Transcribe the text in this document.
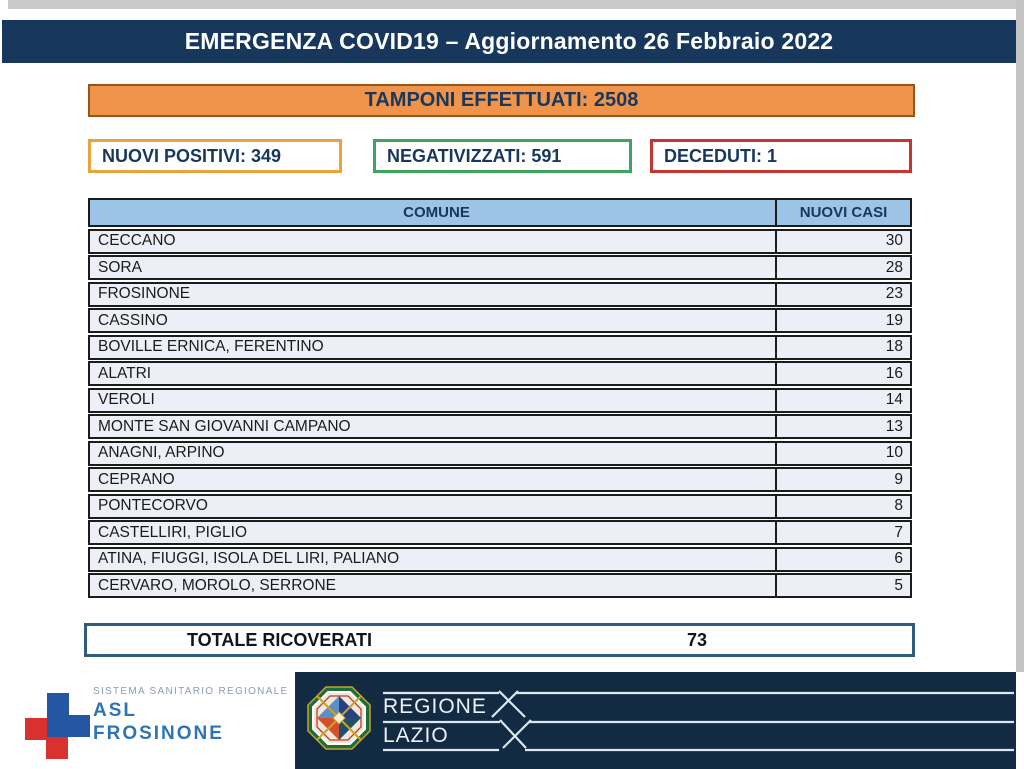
EMERGENZA COVID19 – Aggiornamento 26 Febbraio 2022
TAMPONI EFFETTUATI: 2508
NUOVI POSITIVI: 349	NEGATIVIZZATI: 591	DECEDUTI: 1
COMUNE	NUOVI CASI
CECCANO	30
SORA	28
FROSINONE	23
CASSINO	19
BOVILLE ERNICA, FERENTINO	18
ALATRI	16
VEROLI	14
MONTE SAN GIOVANNI CAMPANO	13
ANAGNI, ARPINO	10
CEPRANO	9
PONTECORVO	8
CASTELLIRI, PIGLIO	7
ATINA, FIUGGI, ISOLA DEL LIRI, PALIANO	6
CERVARO, MOROLO, SERRONE	5
TOTALE RICOVERATI	73
SISTEMA SANITARIO REGIONALE
ASL
FROSINONE
REGIONE
LAZIO
